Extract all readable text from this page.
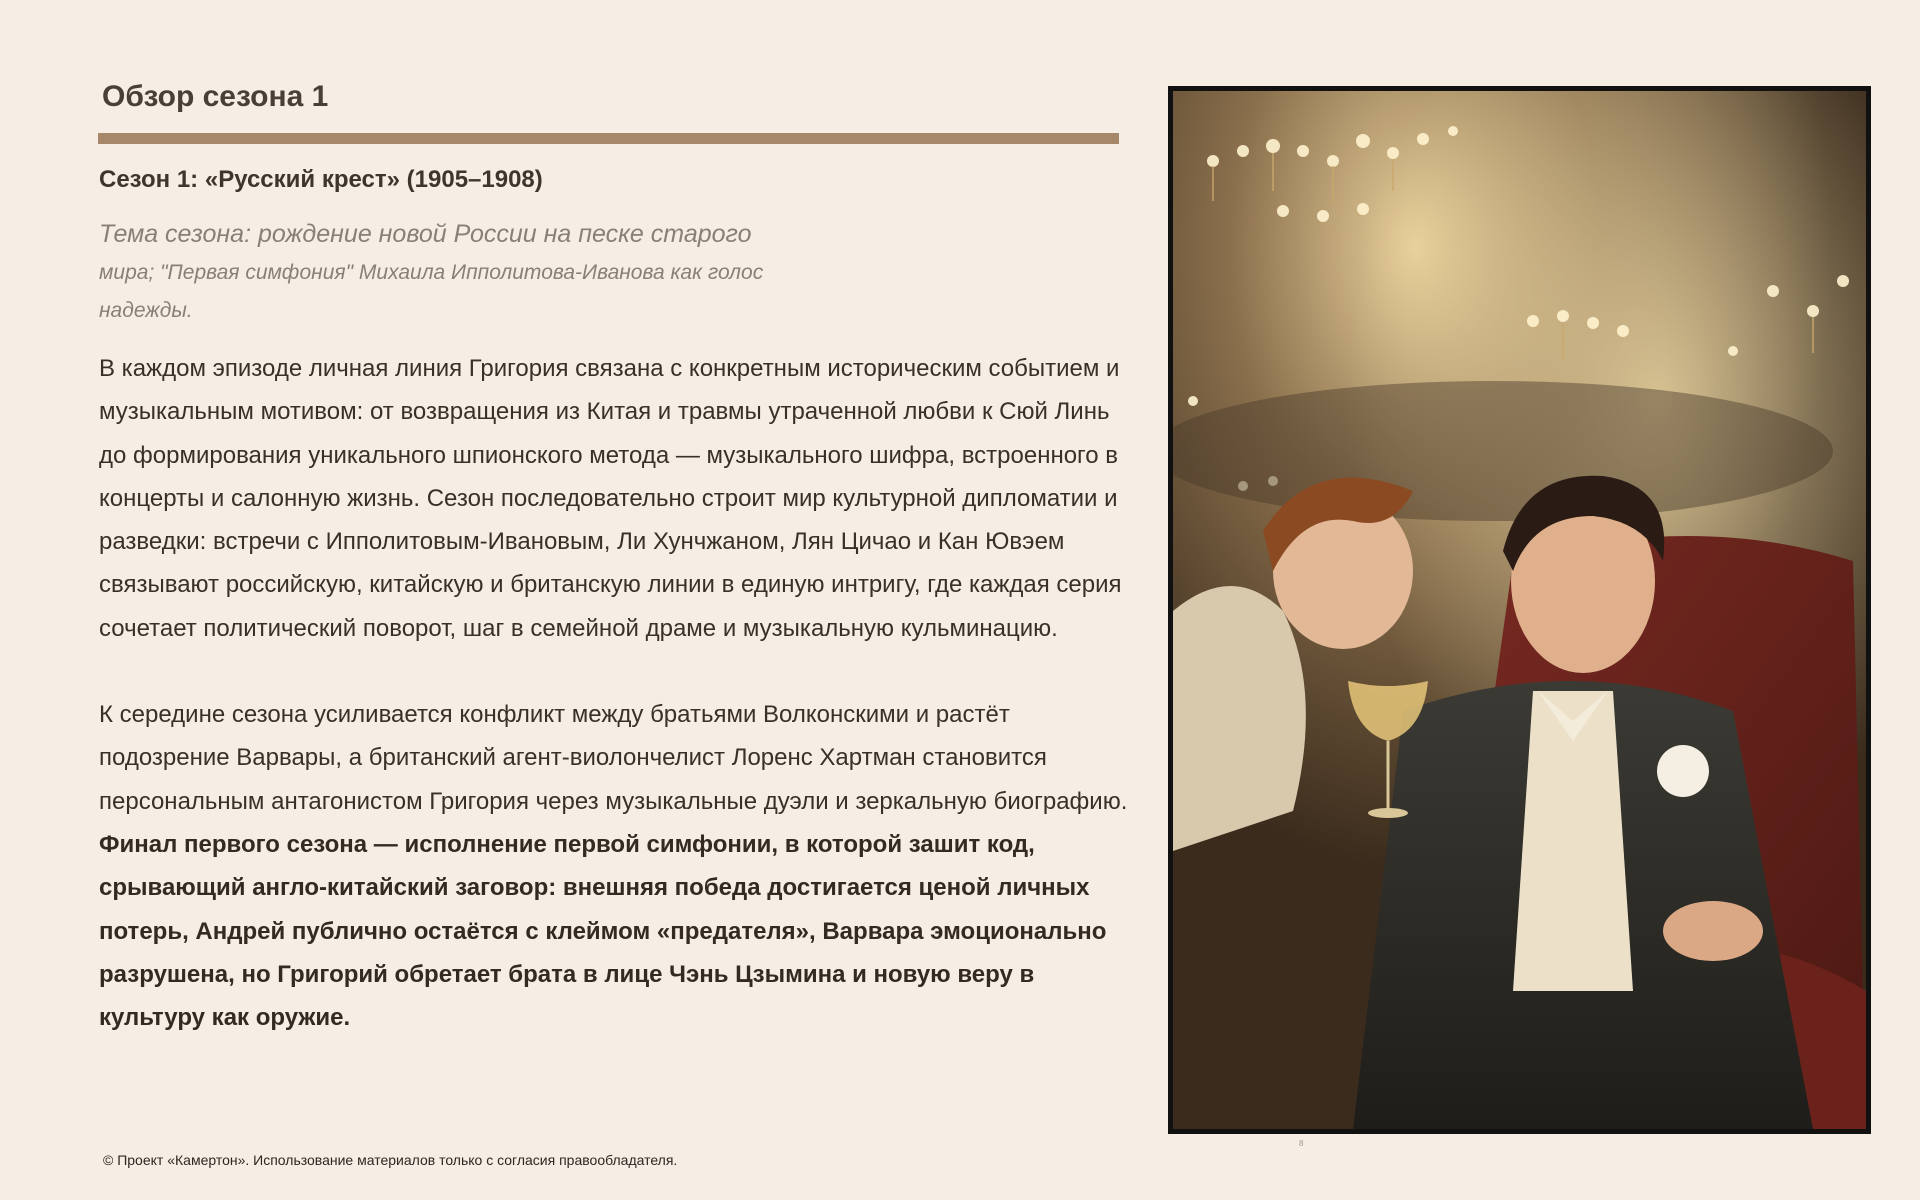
Обзор сезона 1
Сезон 1: «Русский крест» (1905–1908)
Тема сезона: рождение новой России на песке старого
мира; "Первая симфония" Михаила Ипполитова-Иванова как голос надежды.

В каждом эпизоде личная линия Григория связана с конкретным историческим событием и музыкальным мотивом: от возвращения из Китая и травмы утраченной любви к Сюй Линь до формирования уникального шпионского метода — музыкального шифра, встроенного в концерты и салонную жизнь. Сезон последовательно строит мир культурной дипломатии и разведки: встречи с Ипполитовым-Ивановым, Ли Хунчжаном, Лян Цичао и Кан Ювэем связывают российскую, китайскую и британскую линии в единую интригу, где каждая серия сочетает политический поворот, шаг в семейной драме и музыкальную кульминацию.

К середине сезона усиливается конфликт между братьями Волконскими и растёт подозрение Варвары, а британский агент-виолончелист Лоренс Хартман становится персональным антагонистом Григория через музыкальные дуэли и зеркальную биографию.

Финал первого сезона — исполнение первой симфонии, в которой зашит код, срывающий англо-китайский заговор: внешняя победа достигается ценой личных потерь, Андрей публично остаётся с клеймом «предателя», Варвара эмоционально разрушена, но Григорий обретает брата в лице Чэнь Цзымина и новую веру в культуру как оружие.

8
© Проект «Камертон». Использование материалов только с согласия правообладателя.
